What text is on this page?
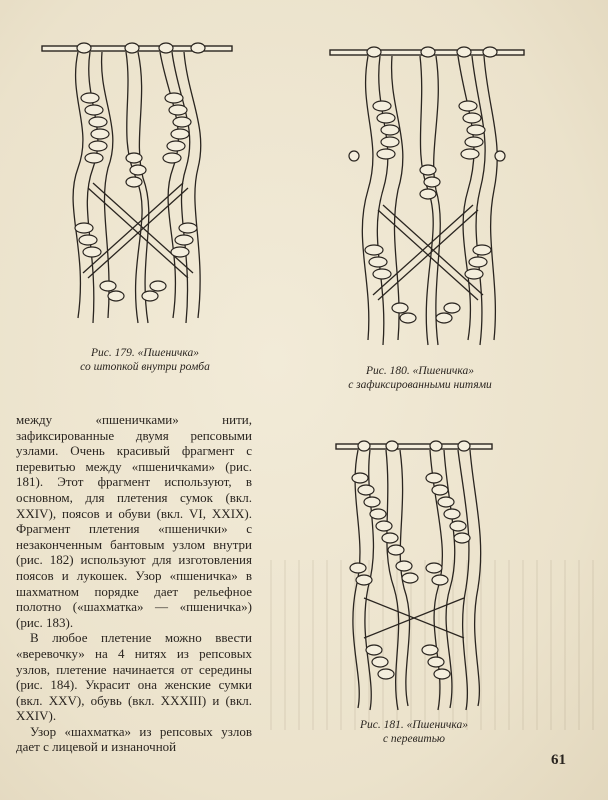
Рис. 179. «Пшеничка»
со штопкой внутри ромба	Рис. 180. «Пшеничка»
с зафиксированными нитями
Рис. 181. «Пшеничка»
с перевитью

между «пшеничками» нити, зафиксированные двумя репсовыми узлами. Очень красивый фрагмент с перевитью между «пшеничками» (рис. 181). Этот фрагмент используют, в основном, для плетения сумок (вкл. XXIV), поясов и обуви (вкл. VI, XXIX). Фрагмент плетения «пшенички» с незаконченным бантовым узлом внутри (рис. 182) используют для изготовления поясов и лукошек. Узор «пшеничка» в шахматном порядке дает рельефное полотно («шахматка» — «пшеничка») (рис. 183).

В любое плетение можно ввести «веревочку» на 4 нитях из репсовых узлов, плетение начинается от середины (рис. 184). Украсит она женские сумки (вкл. XXV), обувь (вкл. XXXIII) и (вкл. XXIV).

Узор «шахматка» из репсовых узлов дает с лицевой и изнаночной

61
